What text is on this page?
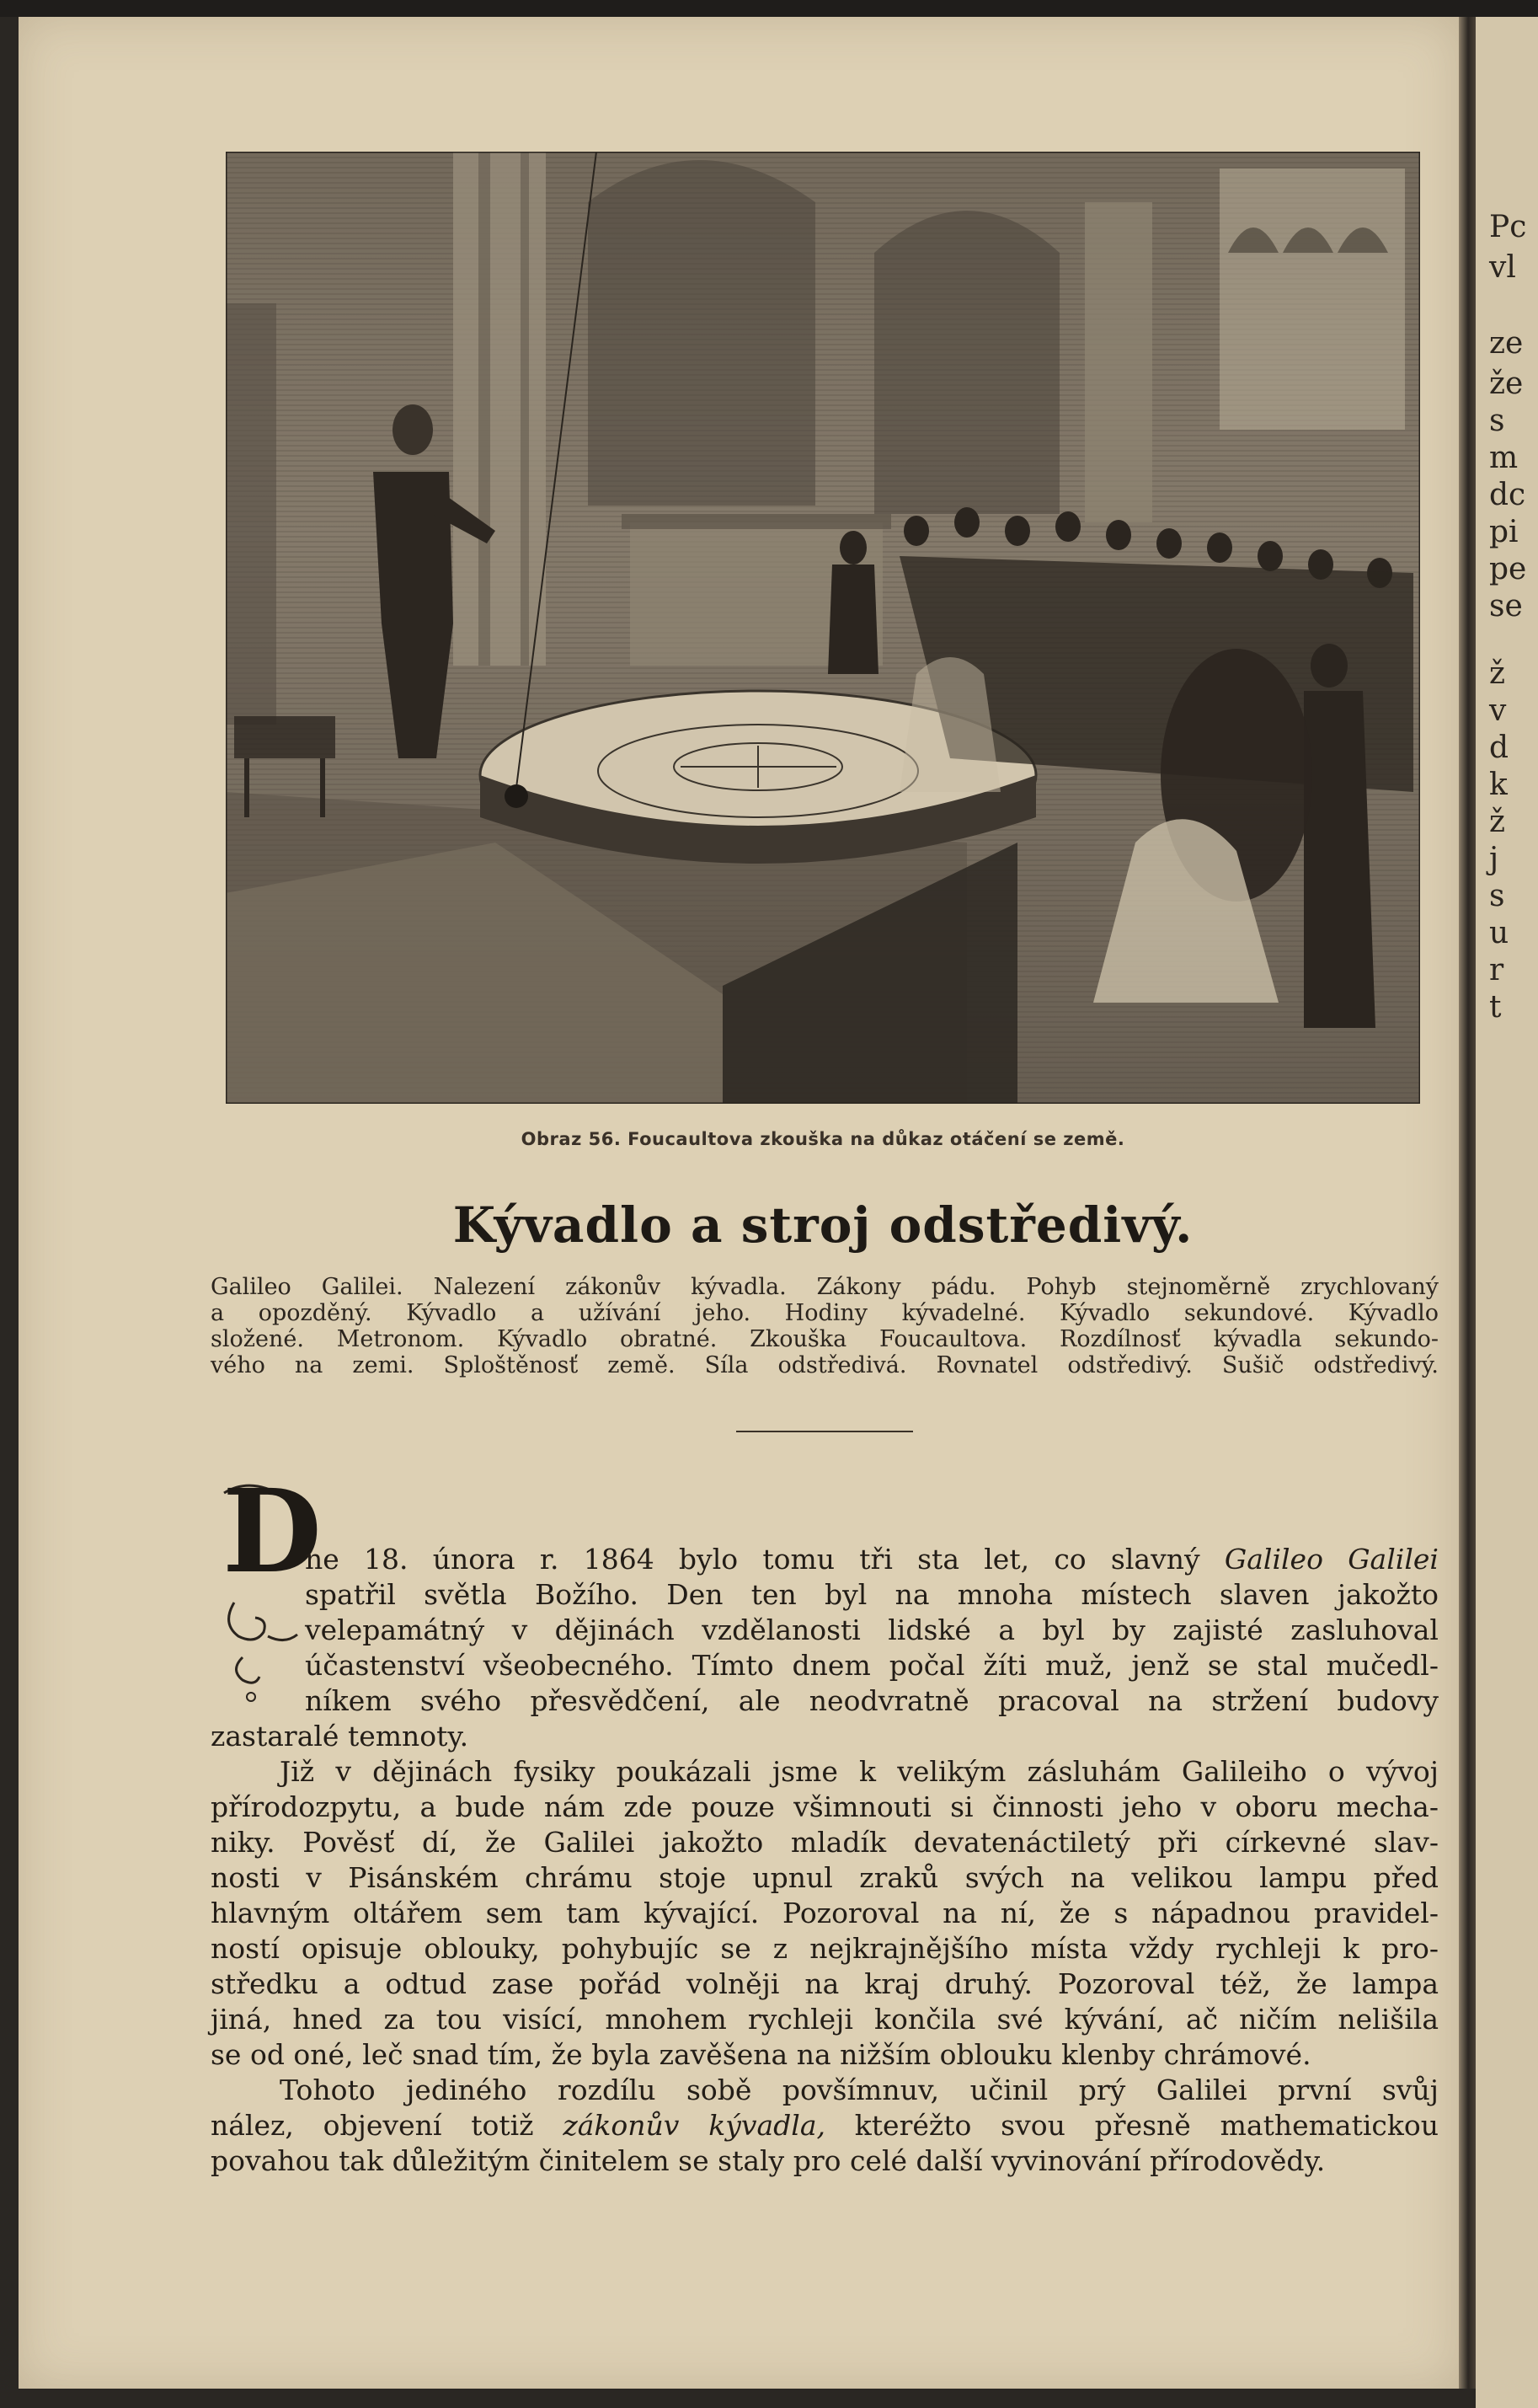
Pc
vl
ze
že
s
m
dc
pi
pe
se
ž
v
d
k
ž
j
s
u
r
t
Obraz 56. Foucaultova zkouška na důkaz otáčení se země.
Kývadlo a stroj odstředivý.
Galileo Galilei. Nalezení zákonův kývadla. Zákony pádu. Pohyb stejnoměrně zrychlovaný
a opozděný. Kývadlo a užívání jeho. Hodiny kývadelné. Kývadlo sekundové. Kývadlo
složené. Metronom. Kývadlo obratné. Zkouška Foucaultova. Rozdílnosť kývadla sekundo-
vého na zemi. Sploštěnosť země. Síla odstředivá. Rovnatel odstředivý. Sušič odstředivý.
D
ne 18. února r. 1864 bylo tomu tři sta let, co slavný Galileo Galilei
spatřil světla Božího. Den ten byl na mnoha místech slaven jakožto
velepamátný v dějinách vzdělanosti lidské a byl by zajisté zasluhoval
účastenství všeobecného. Tímto dnem počal žíti muž, jenž se stal mučedl-
níkem svého přesvědčení, ale neodvratně pracoval na stržení budovy
zastaralé temnoty.
Již v dějinách fysiky poukázali jsme k velikým zásluhám Galileiho o vývoj
přírodozpytu, a bude nám zde pouze všimnouti si činnosti jeho v oboru mecha-
niky. Pověsť dí, že Galilei jakožto mladík devatenáctiletý při církevné slav-
nosti v Pisánském chrámu stoje upnul zraků svých na velikou lampu před
hlavným oltářem sem tam kývající. Pozoroval na ní, že s nápadnou pravidel-
ností opisuje oblouky, pohybujíc se z nejkrajnějšího místa vždy rychleji k pro-
středku a odtud zase pořád volněji na kraj druhý. Pozoroval též, že lampa
jiná, hned za tou visící, mnohem rychleji končila své kývání, ač ničím nelišila
se od oné, leč snad tím, že byla zavěšena na nižším oblouku klenby chrámové.
Tohoto jediného rozdílu sobě povšímnuv, učinil prý Galilei první svůj
nález, objevení totiž zákonův kývadla, kteréžto svou přesně mathematickou
povahou tak důležitým činitelem se staly pro celé další vyvinování přírodovědy.
